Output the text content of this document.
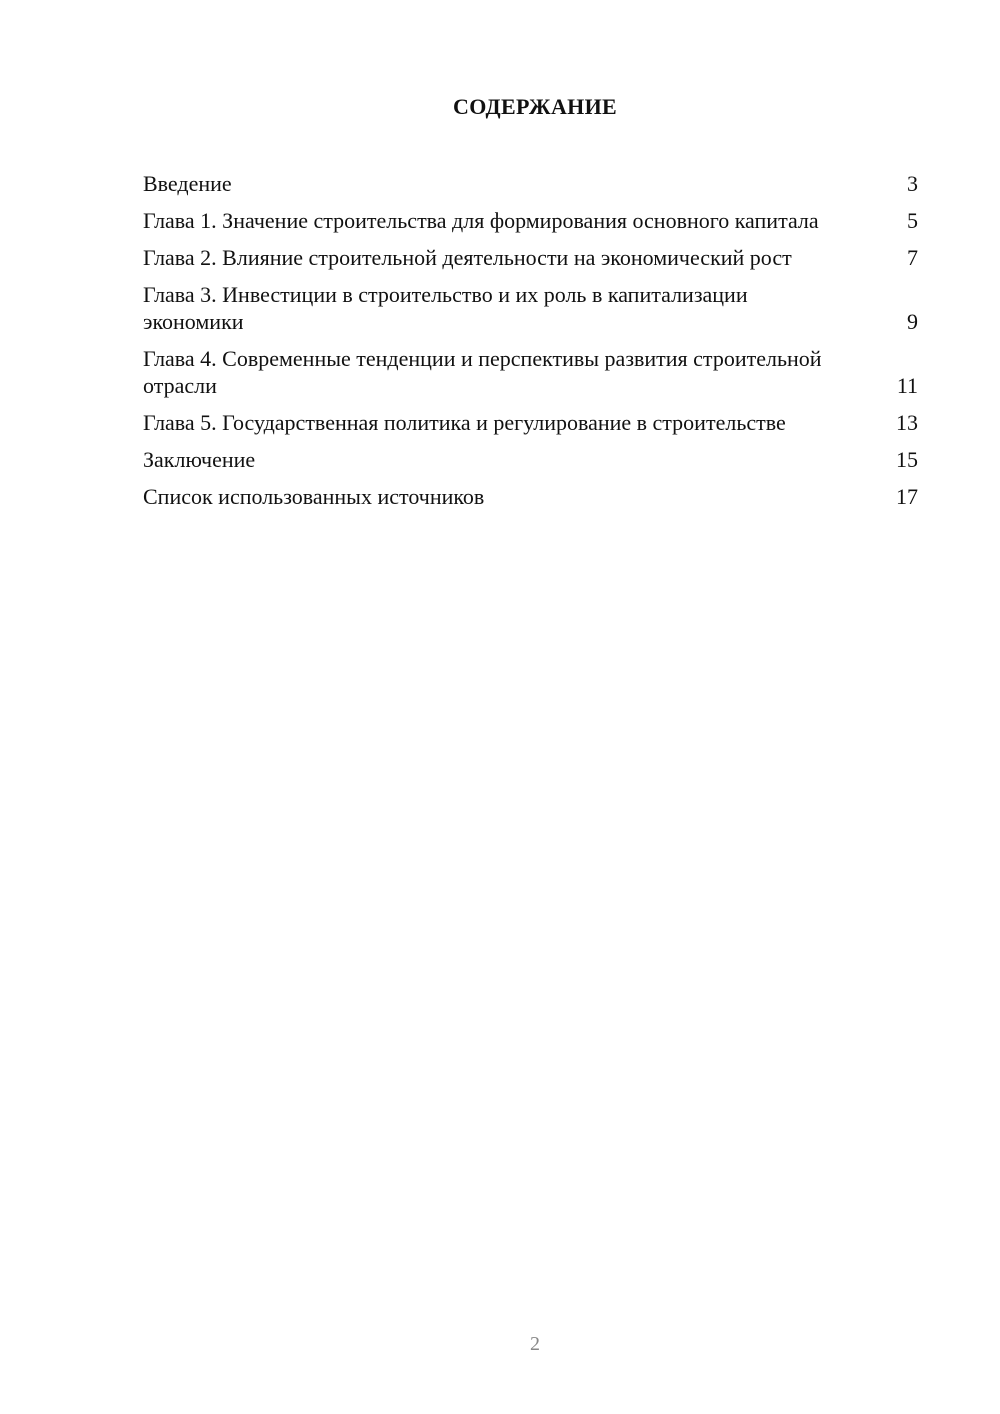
СОДЕРЖАНИЕ
Введение	3
Глава 1. Значение строительства для формирования основного капитала	5
Глава 2. Влияние строительной деятельности на экономический рост	7
Глава 3. Инвестиции в строительство и их роль в капитализации экономики	9
Глава 4. Современные тенденции и перспективы развития строительной отрасли	11
Глава 5. Государственная политика и регулирование в строительстве	13
Заключение	15
Список использованных источников	17
2
